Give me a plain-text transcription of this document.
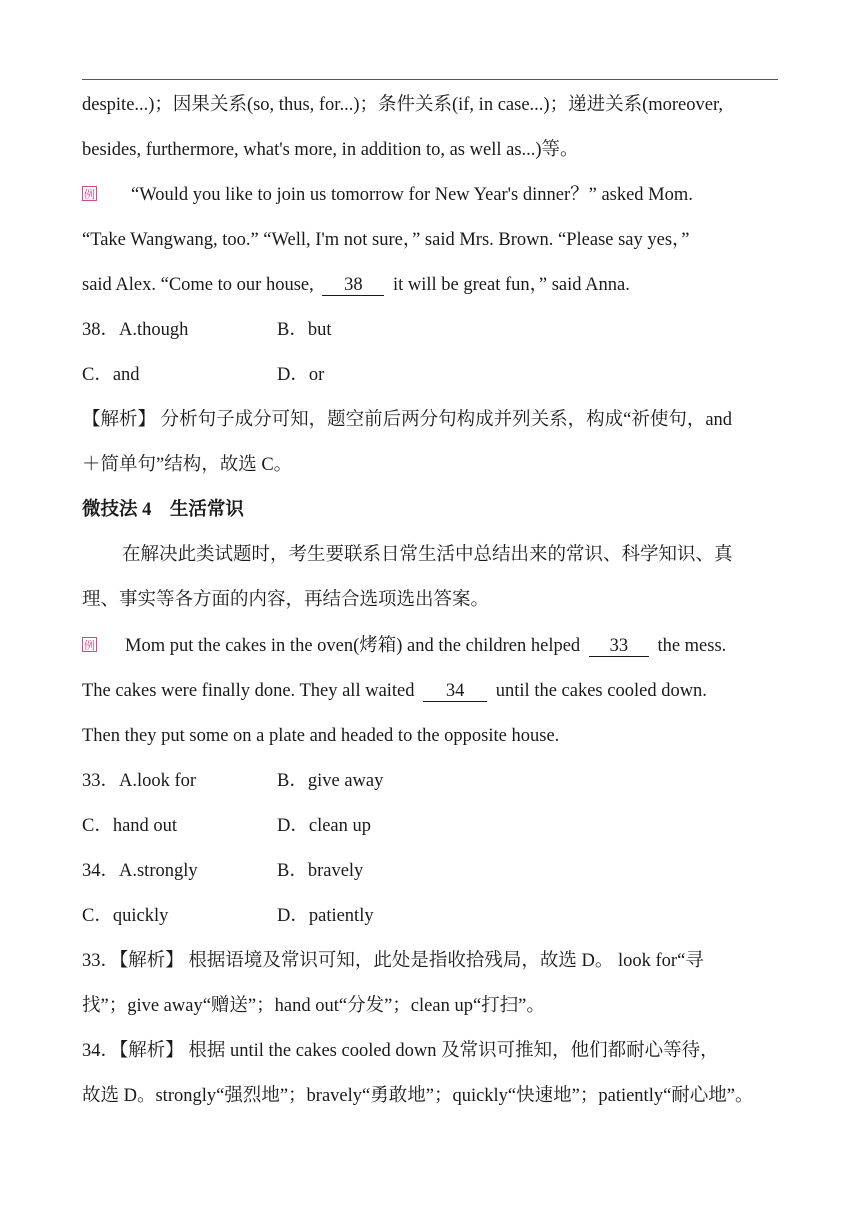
despite...)；因果关系(so, thus, for...)；条件关系(if, in case...)；递进关系(moreover,
besides, furthermore, what's more, in addition to, as well as...)等。
例 “Would you like to join us tomorrow for New Year's dinner？” asked Mom.
“Take Wangwang, too.” “Well, I'm not sure，” said Mrs. Brown. “Please say yes，”
said Alex. “Come to our house, 38 it will be great fun，” said Anna.
38．A.though	B．but
C．and	D．or
【解析】 分析句子成分可知，题空前后两分句构成并列关系，构成“祈使句，and
＋简单句”结构，故选 C。
微技法 4　生活常识
在解决此类试题时，考生要联系日常生活中总结出来的常识、科学知识、真
理、事实等各方面的内容，再结合选项选出答案。
例 Mom put the cakes in the oven(烤箱) and the children helped 33 the mess.
The cakes were finally done. They all waited 34 until the cakes cooled down.
Then they put some on a plate and headed to the opposite house.
33．A.look for	B．give away
C．hand out	D．clean up
34．A.strongly	B．bravely
C．quickly	D．patiently
33．【解析】 根据语境及常识可知，此处是指收拾残局，故选 D。 look for“寻
找”；give away“赠送”；hand out“分发”；clean up“打扫”。
34．【解析】 根据 until the cakes cooled down 及常识可推知，他们都耐心等待，
故选 D。strongly“强烈地”；bravely“勇敢地”；quickly“快速地”；patiently“耐心地”。
